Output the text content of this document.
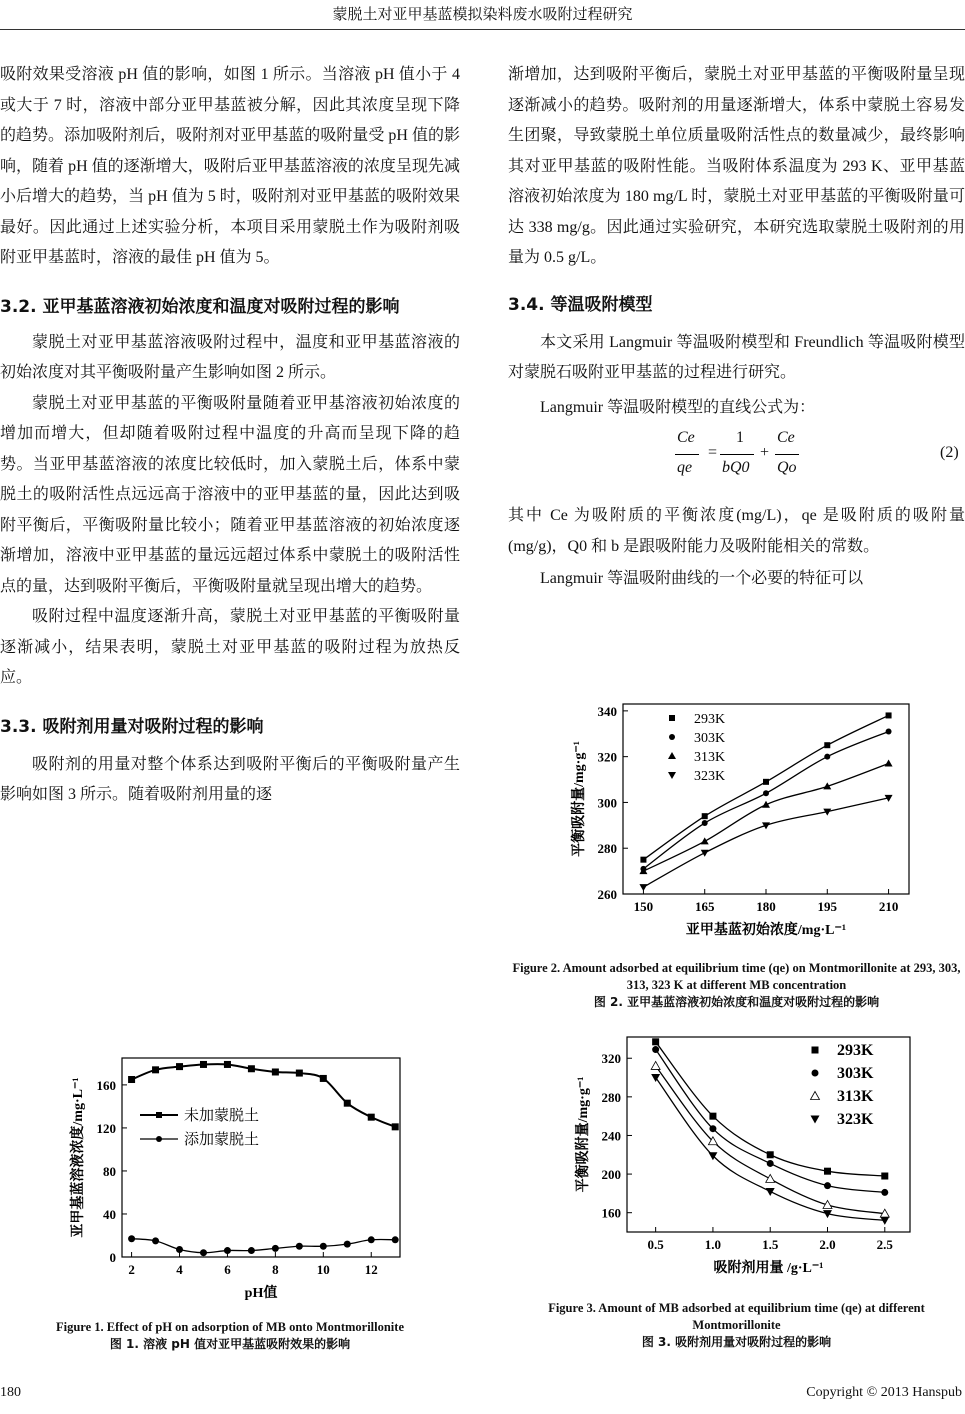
蒙脱土对亚甲基蓝模拟染料废水吸附过程研究

吸附效果受溶液 pH 值的影响，如图 1 所示。当溶液 pH 值小于 4 或大于 7 时，溶液中部分亚甲基蓝被分解，因此其浓度呈现下降的趋势。添加吸附剂后，吸附剂对亚甲基蓝的吸附量受 pH 值的影响，随着 pH 值的逐渐增大，吸附后亚甲基蓝溶液的浓度呈现先减小后增大的趋势，当 pH 值为 5 时，吸附剂对亚甲基蓝的吸附效果最好。因此通过上述实验分析，本项目采用蒙脱土作为吸附剂吸附亚甲基蓝时，溶液的最佳 pH 值为 5。

3.2. 亚甲基蓝溶液初始浓度和温度对吸附过程的影响

蒙脱土对亚甲基蓝溶液吸附过程中，温度和亚甲基蓝溶液的初始浓度对其平衡吸附量产生影响如图 2 所示。

蒙脱土对亚甲基蓝的平衡吸附量随着亚甲基溶液初始浓度的增加而增大，但却随着吸附过程中温度的升高而呈现下降的趋势。当亚甲基蓝溶液的浓度比较低时，加入蒙脱土后，体系中蒙脱土的吸附活性点远远高于溶液中的亚甲基蓝的量，因此达到吸附平衡后，平衡吸附量比较小；随着亚甲基蓝溶液的初始浓度逐渐增加，溶液中亚甲基蓝的量远远超过体系中蒙脱土的吸附活性点的量，达到吸附平衡后，平衡吸附量就呈现出增大的趋势。

吸附过程中温度逐渐升高，蒙脱土对亚甲基蓝的平衡吸附量逐渐减小，结果表明，蒙脱土对亚甲基蓝的吸附过程为放热反应。

3.3. 吸附剂用量对吸附过程的影响

吸附剂的用量对整个体系达到吸附平衡后的平衡吸附量产生影响如图 3 所示。随着吸附剂用量的逐

渐增加，达到吸附平衡后，蒙脱土对亚甲基蓝的平衡吸附量呈现逐渐减小的趋势。吸附剂的用量逐渐增大，体系中蒙脱土容易发生团聚，导致蒙脱土单位质量吸附活性点的数量减少，最终影响其对亚甲基蓝的吸附性能。当吸附体系温度为 293 K、亚甲基蓝溶液初始浓度为 180 mg/L 时，蒙脱土对亚甲基蓝的平衡吸附量可达 338 mg/g。因此通过实验研究，本研究选取蒙脱土吸附剂的用量为 0.5 g/L。

3.4. 等温吸附模型

本文采用 Langmuir 等温吸附模型和 Freundlich 等温吸附模型对蒙脱石吸附亚甲基蓝的过程进行研究。

Langmuir 等温吸附模型的直线公式为：

Ce
qe
=
1
bQ0
+
Ce
Qo
(2)

其中 Ce 为吸附质的平衡浓度(mg/L)，qe 是吸附质的吸附量(mg/g)，Q0 和 b 是跟吸附能力及吸附能相关的常数。

Langmuir 等温吸附曲线的一个必要的特征可以

2	4	6	8	10	12
0
40
80
120
160
pH值
亚甲基蓝溶液浓度/mg·L⁻¹	未加蒙脱土
添加蒙脱土
150	165	180	195	210
260
280
300
320
340
亚甲基蓝初始浓度/mg·L⁻¹
平衡吸附量/mg·g⁻¹
293K
303K
313K
323K
0.5	1.0	1.5	2.0	2.5
160
200
240
280
320
吸附剂用量 /g·L⁻¹
平衡吸附量/mg·g⁻¹
293K
303K
313K
323K
Figure 1. Effect of pH on adsorption of MB onto Montmorillonite
图 1. 溶液 pH 值对亚甲基蓝吸附效果的影响
Figure 2. Amount adsorbed at equilibrium time (qe) on Montmorillonite at 293, 303, 313, 323 K at different MB concentration
图 2. 亚甲基蓝溶液初始浓度和温度对吸附过程的影响
Figure 3. Amount of MB adsorbed at equilibrium time (qe) at different Montmorillonite
图 3. 吸附剂用量对吸附过程的影响
180	Copyright © 2013 Hanspub
